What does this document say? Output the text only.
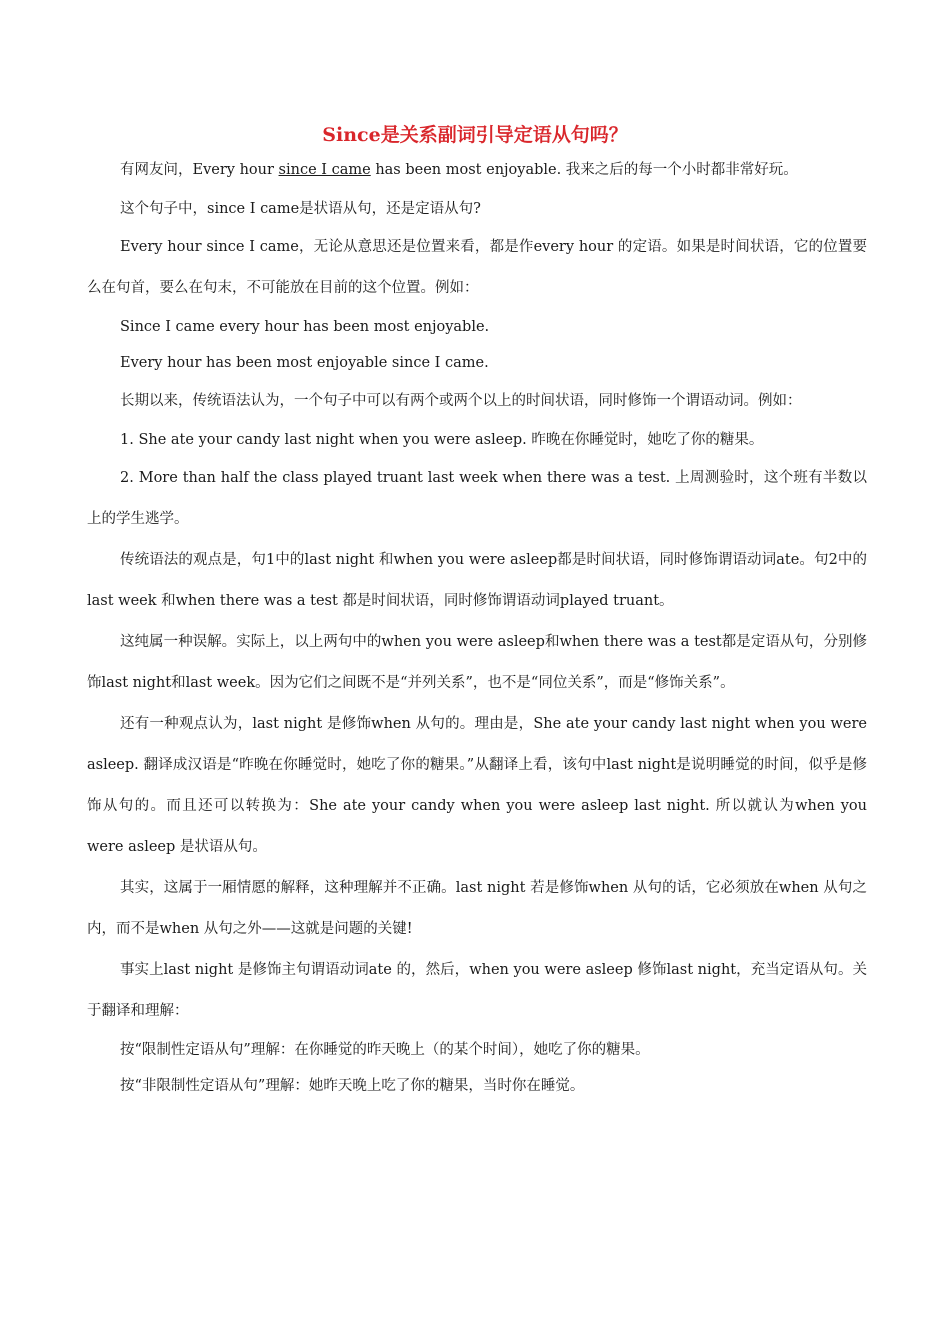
Since是关系副词引导定语从句吗？

有网友问，Every hour since I came has been most enjoyable. 我来之后的每一个小时都非常好玩。

这个句子中，since I came是状语从句，还是定语从句?

Every hour since I came，无论从意思还是位置来看，都是作every hour 的定语。如果是时间状语，它的位置要么在句首，要么在句末，不可能放在目前的这个位置。例如：

Since I came every hour has been most enjoyable.

Every hour has been most enjoyable since I came.

长期以来，传统语法认为，一个句子中可以有两个或两个以上的时间状语，同时修饰一个谓语动词。例如：

1. She ate your candy last night when you were asleep. 昨晚在你睡觉时，她吃了你的糖果。

2. More than half the class played truant last week when there was a test. 上周测验时，这个班有半数以上的学生逃学。

传统语法的观点是，句1中的last night 和when you were asleep都是时间状语，同时修饰谓语动词ate。句2中的last week 和when there was a test 都是时间状语，同时修饰谓语动词played truant。

这纯属一种误解。实际上，以上两句中的when you were asleep和when there was a test都是定语从句，分别修饰last night和last week。因为它们之间既不是“并列关系”，也不是“同位关系”，而是“修饰关系”。

还有一种观点认为，last night 是修饰when 从句的。理由是，She ate your candy last night when you were asleep. 翻译成汉语是“昨晚在你睡觉时，她吃了你的糖果。”从翻译上看，该句中last night是说明睡觉的时间，似乎是修饰从句的。而且还可以转换为：She ate your candy when you were asleep last night. 所以就认为when you were asleep 是状语从句。

其实，这属于一厢情愿的解释，这种理解并不正确。last night 若是修饰when 从句的话，它必须放在when 从句之内，而不是when 从句之外——这就是问题的关键!

事实上last night 是修饰主句谓语动词ate 的，然后，when you were asleep 修饰last night，充当定语从句。关于翻译和理解：

按“限制性定语从句”理解：在你睡觉的昨天晚上（的某个时间），她吃了你的糖果。

按“非限制性定语从句”理解：她昨天晚上吃了你的糖果，当时你在睡觉。
